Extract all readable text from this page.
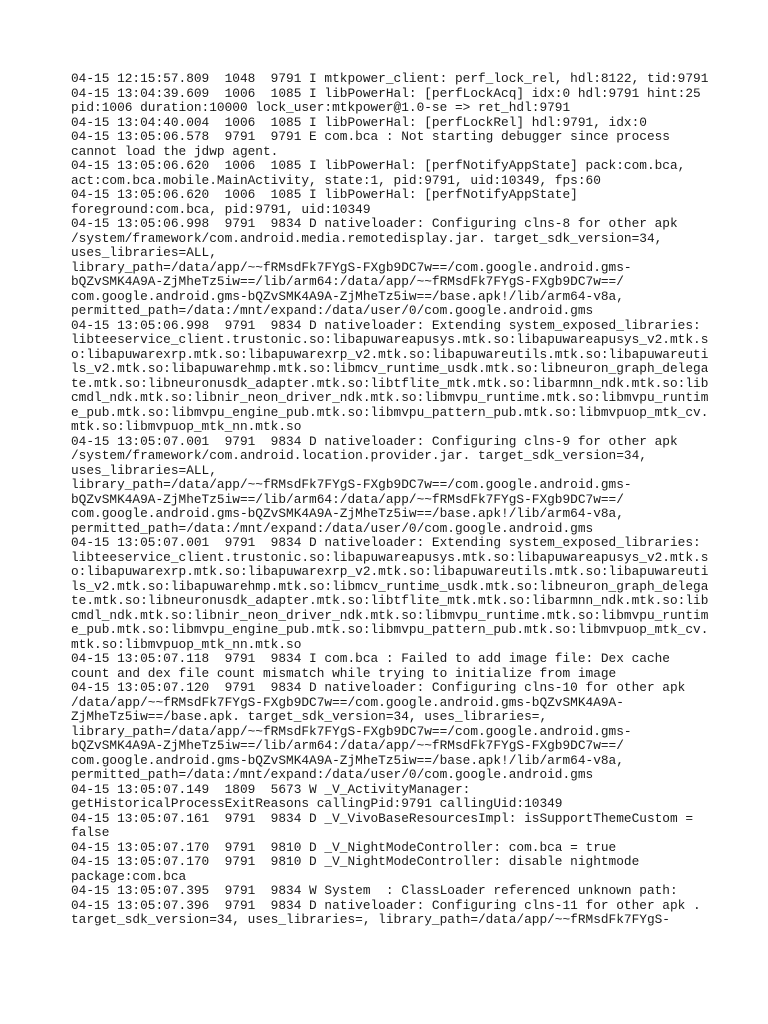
04-15 12:15:57.809  1048  9791 I mtkpower_client: perf_lock_rel, hdl:8122, tid:9791
04-15 13:04:39.609  1006  1085 I libPowerHal: [perfLockAcq] idx:0 hdl:9791 hint:25
pid:1006 duration:10000 lock_user:mtkpower@1.0-se => ret_hdl:9791
04-15 13:04:40.004  1006  1085 I libPowerHal: [perfLockRel] hdl:9791, idx:0
04-15 13:05:06.578  9791  9791 E com.bca : Not starting debugger since process
cannot load the jdwp agent.
04-15 13:05:06.620  1006  1085 I libPowerHal: [perfNotifyAppState] pack:com.bca,
act:com.bca.mobile.MainActivity, state:1, pid:9791, uid:10349, fps:60
04-15 13:05:06.620  1006  1085 I libPowerHal: [perfNotifyAppState]
foreground:com.bca, pid:9791, uid:10349
04-15 13:05:06.998  9791  9834 D nativeloader: Configuring clns-8 for other apk
/system/framework/com.android.media.remotedisplay.jar. target_sdk_version=34,
uses_libraries=ALL,
library_path=/data/app/~~fRMsdFk7FYgS-FXgb9DC7w==/com.google.android.gms-
bQZvSMK4A9A-ZjMheTz5iw==/lib/arm64:/data/app/~~fRMsdFk7FYgS-FXgb9DC7w==/
com.google.android.gms-bQZvSMK4A9A-ZjMheTz5iw==/base.apk!/lib/arm64-v8a,
permitted_path=/data:/mnt/expand:/data/user/0/com.google.android.gms
04-15 13:05:06.998  9791  9834 D nativeloader: Extending system_exposed_libraries:
libteeservice_client.trustonic.so:libapuwareapusys.mtk.so:libapuwareapusys_v2.mtk.s
o:libapuwarexrp.mtk.so:libapuwarexrp_v2.mtk.so:libapuwareutils.mtk.so:libapuwareuti
ls_v2.mtk.so:libapuwarehmp.mtk.so:libmcv_runtime_usdk.mtk.so:libneuron_graph_delega
te.mtk.so:libneuronusdk_adapter.mtk.so:libtflite_mtk.mtk.so:libarmnn_ndk.mtk.so:lib
cmdl_ndk.mtk.so:libnir_neon_driver_ndk.mtk.so:libmvpu_runtime.mtk.so:libmvpu_runtim
e_pub.mtk.so:libmvpu_engine_pub.mtk.so:libmvpu_pattern_pub.mtk.so:libmvpuop_mtk_cv.
mtk.so:libmvpuop_mtk_nn.mtk.so
04-15 13:05:07.001  9791  9834 D nativeloader: Configuring clns-9 for other apk
/system/framework/com.android.location.provider.jar. target_sdk_version=34,
uses_libraries=ALL,
library_path=/data/app/~~fRMsdFk7FYgS-FXgb9DC7w==/com.google.android.gms-
bQZvSMK4A9A-ZjMheTz5iw==/lib/arm64:/data/app/~~fRMsdFk7FYgS-FXgb9DC7w==/
com.google.android.gms-bQZvSMK4A9A-ZjMheTz5iw==/base.apk!/lib/arm64-v8a,
permitted_path=/data:/mnt/expand:/data/user/0/com.google.android.gms
04-15 13:05:07.001  9791  9834 D nativeloader: Extending system_exposed_libraries:
libteeservice_client.trustonic.so:libapuwareapusys.mtk.so:libapuwareapusys_v2.mtk.s
o:libapuwarexrp.mtk.so:libapuwarexrp_v2.mtk.so:libapuwareutils.mtk.so:libapuwareuti
ls_v2.mtk.so:libapuwarehmp.mtk.so:libmcv_runtime_usdk.mtk.so:libneuron_graph_delega
te.mtk.so:libneuronusdk_adapter.mtk.so:libtflite_mtk.mtk.so:libarmnn_ndk.mtk.so:lib
cmdl_ndk.mtk.so:libnir_neon_driver_ndk.mtk.so:libmvpu_runtime.mtk.so:libmvpu_runtim
e_pub.mtk.so:libmvpu_engine_pub.mtk.so:libmvpu_pattern_pub.mtk.so:libmvpuop_mtk_cv.
mtk.so:libmvpuop_mtk_nn.mtk.so
04-15 13:05:07.118  9791  9834 I com.bca : Failed to add image file: Dex cache
count and dex file count mismatch while trying to initialize from image
04-15 13:05:07.120  9791  9834 D nativeloader: Configuring clns-10 for other apk
/data/app/~~fRMsdFk7FYgS-FXgb9DC7w==/com.google.android.gms-bQZvSMK4A9A-
ZjMheTz5iw==/base.apk. target_sdk_version=34, uses_libraries=,
library_path=/data/app/~~fRMsdFk7FYgS-FXgb9DC7w==/com.google.android.gms-
bQZvSMK4A9A-ZjMheTz5iw==/lib/arm64:/data/app/~~fRMsdFk7FYgS-FXgb9DC7w==/
com.google.android.gms-bQZvSMK4A9A-ZjMheTz5iw==/base.apk!/lib/arm64-v8a,
permitted_path=/data:/mnt/expand:/data/user/0/com.google.android.gms
04-15 13:05:07.149  1809  5673 W _V_ActivityManager:
getHistoricalProcessExitReasons callingPid:9791 callingUid:10349
04-15 13:05:07.161  9791  9834 D _V_VivoBaseResourcesImpl: isSupportThemeCustom =
false
04-15 13:05:07.170  9791  9810 D _V_NightModeController: com.bca = true
04-15 13:05:07.170  9791  9810 D _V_NightModeController: disable nightmode
package:com.bca
04-15 13:05:07.395  9791  9834 W System  : ClassLoader referenced unknown path:
04-15 13:05:07.396  9791  9834 D nativeloader: Configuring clns-11 for other apk .
target_sdk_version=34, uses_libraries=, library_path=/data/app/~~fRMsdFk7FYgS-
